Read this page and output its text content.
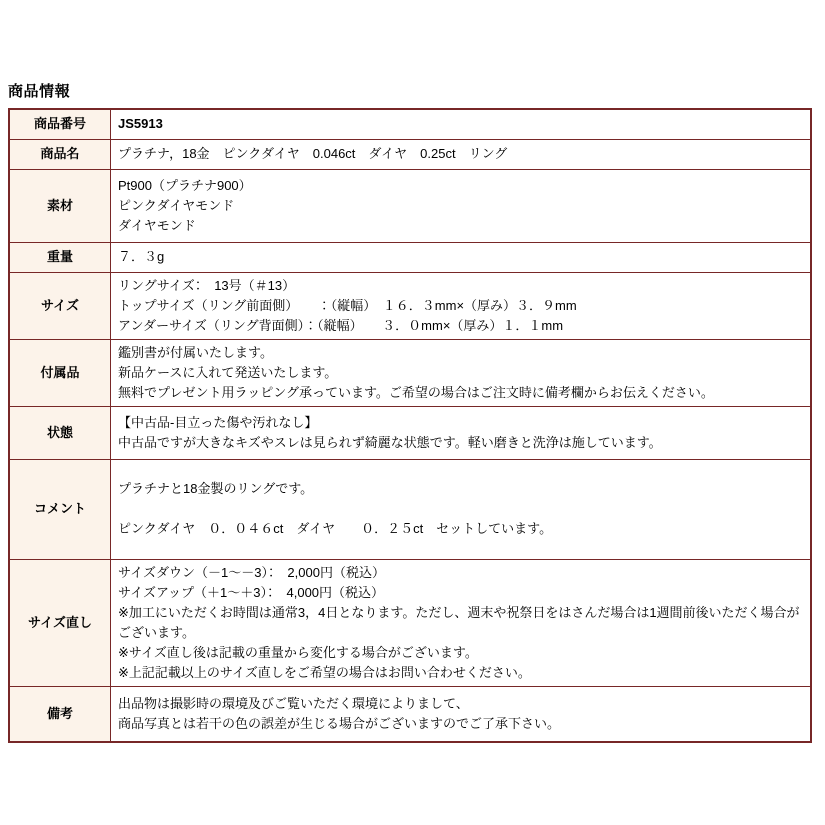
商品情報
商品番号	JS5913
商品名	プラチナ，18金　ピンクダイヤ　0.046ct　ダイヤ　0.25ct　リング
素材	Pt900（プラチナ900）
ピンクダイヤモンド
ダイヤモンド
重量	７．３g
サイズ	リングサイズ：　13号（＃13）
トップサイズ（リング前面側）　　：（縦幅）　１６．３mm×（厚み）３．９mm
アンダーサイズ（リング背面側）：（縦幅）　　３．０mm×（厚み）１．１mm
付属品	鑑別書が付属いたします。
新品ケースに入れて発送いたします。
無料でプレゼント用ラッピング承っています。ご希望の場合はご注文時に備考欄からお伝えください。
状態	【中古品-目立った傷や汚れなし】
中古品ですが大きなキズやスレは見られず綺麗な状態です。軽い磨きと洗浄は施しています。
コメント	プラチナと18金製のリングです。

ピンクダイヤ　０．０４６ct　ダイヤ　　０．２５ct　セットしています。
サイズ直し	サイズダウン（－1～－3）：　2,000円（税込）
サイズアップ（＋1～＋3）：　4,000円（税込）
※加工にいただくお時間は通常3，4日となります。ただし、週末や祝祭日をはさんだ場合は1週間前後いただく場合がございます。
※サイズ直し後は記載の重量から変化する場合がございます。
※上記記載以上のサイズ直しをご希望の場合はお問い合わせください。
備考	出品物は撮影時の環境及びご覧いただく環境によりまして、
商品写真とは若干の色の誤差が生じる場合がございますのでご了承下さい。
